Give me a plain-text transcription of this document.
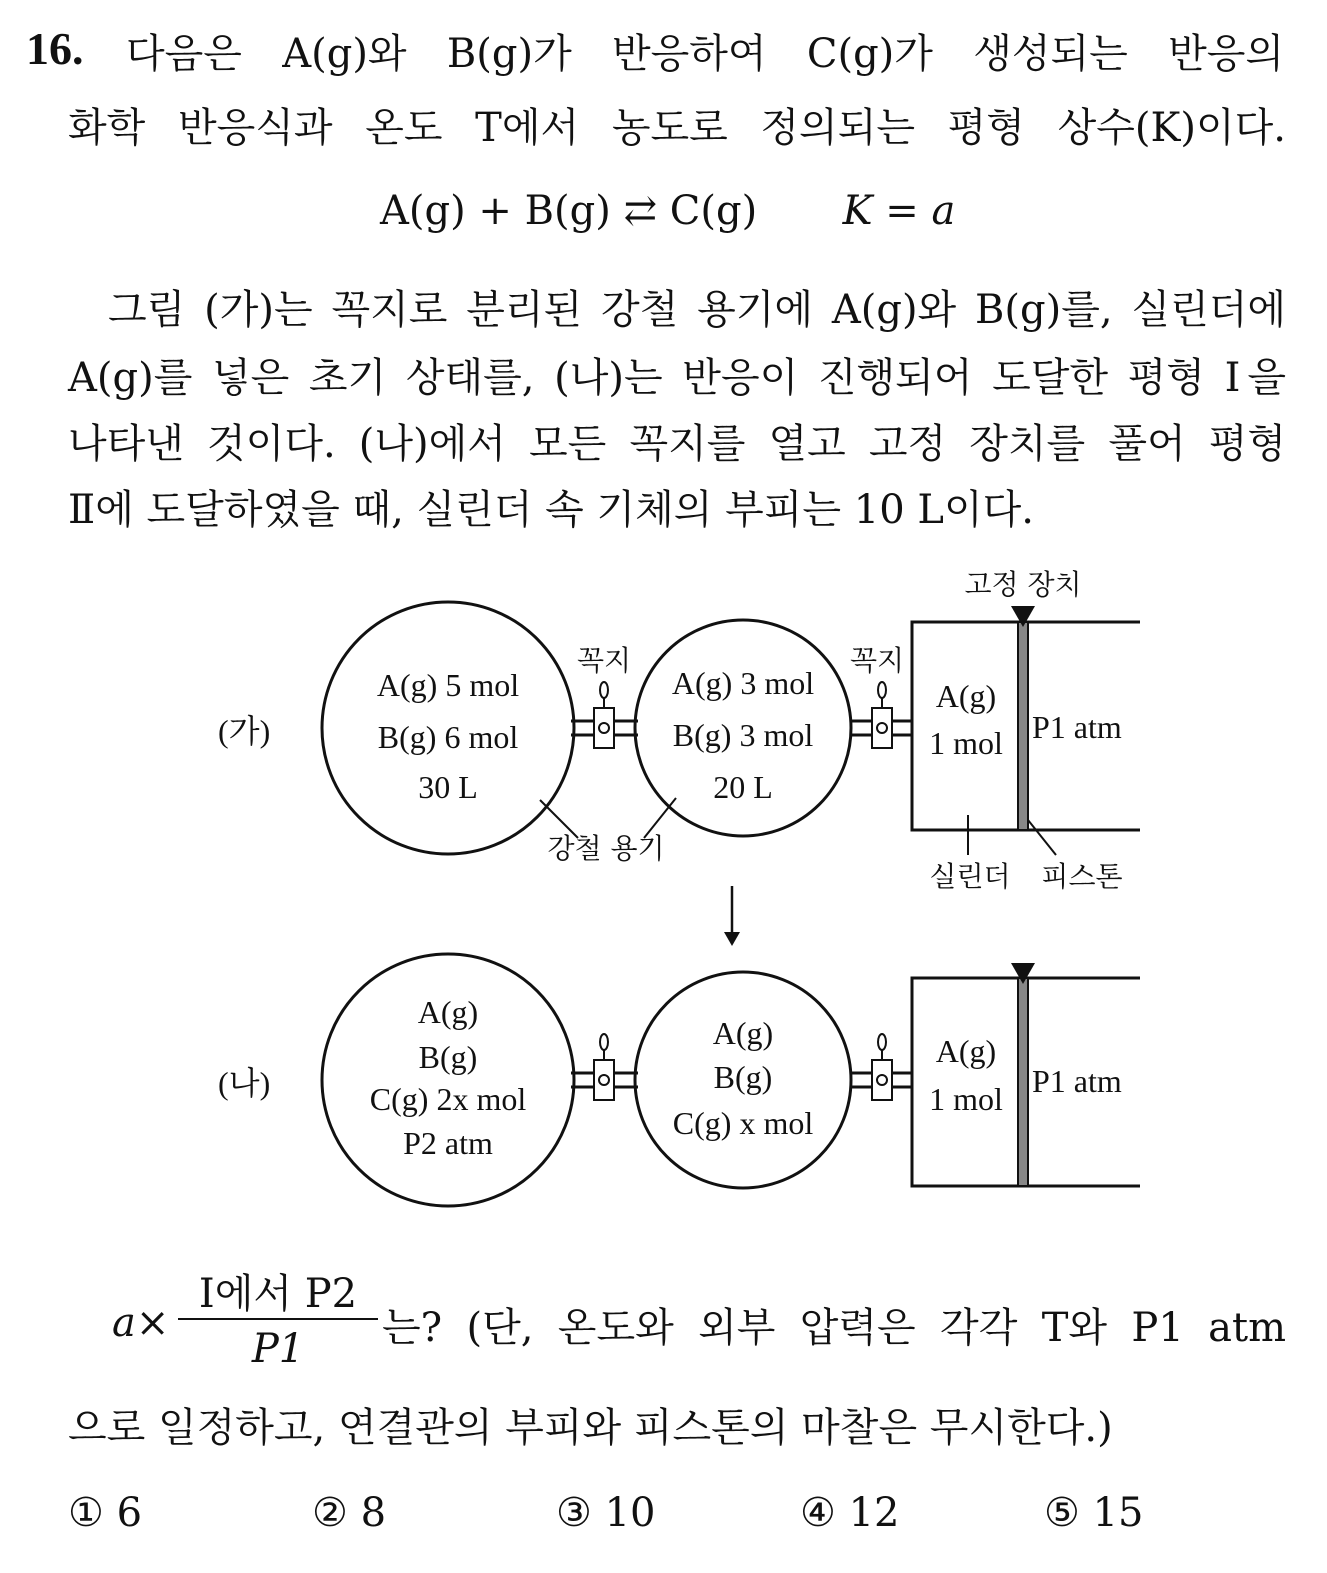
16. 다음은 A(g)와 B(g)가 반응하여 C(g)가 생성되는 반응의
화학 반응식과 온도 T에서 농도로 정의되는 평형 상수(K)이다.
A(g) + B(g) ⇄ C(g) K = a
그림 (가)는 꼭지로 분리된 강철 용기에 A(g)와 B(g)를, 실린더에
A(g)를 넣은 초기 상태를, (나)는 반응이 진행되어 도달한 평형 Ⅰ을
나타낸 것이다. (나)에서 모든 꼭지를 열고 고정 장치를 풀어 평형
Ⅱ에 도달하였을 때, 실린더 속 기체의 부피는 10 L이다.
(가)
(나)
A(g) 5 mol
B(g) 6 mol
30 L
A(g) 3 mol
B(g) 3 mol
20 L
A(g)
1 mol P1 atm
A(g)
B(g)
C(g) 2x mol
P2 atm
A(g)
B(g)
C(g) x mol
A(g)
1 mol P1 atm
고정 장치
꼭지	꼭지
강철 용기
실린더 피스톤
a×
Ⅰ에서 P2
P1	는? (단, 온도와 외부 압력은 각각 T와 P1 atm
으로 일정하고, 연결관의 부피와 피스톤의 마찰은 무시한다.)
① 6	② 8	③ 10	④ 12	⑤ 15
